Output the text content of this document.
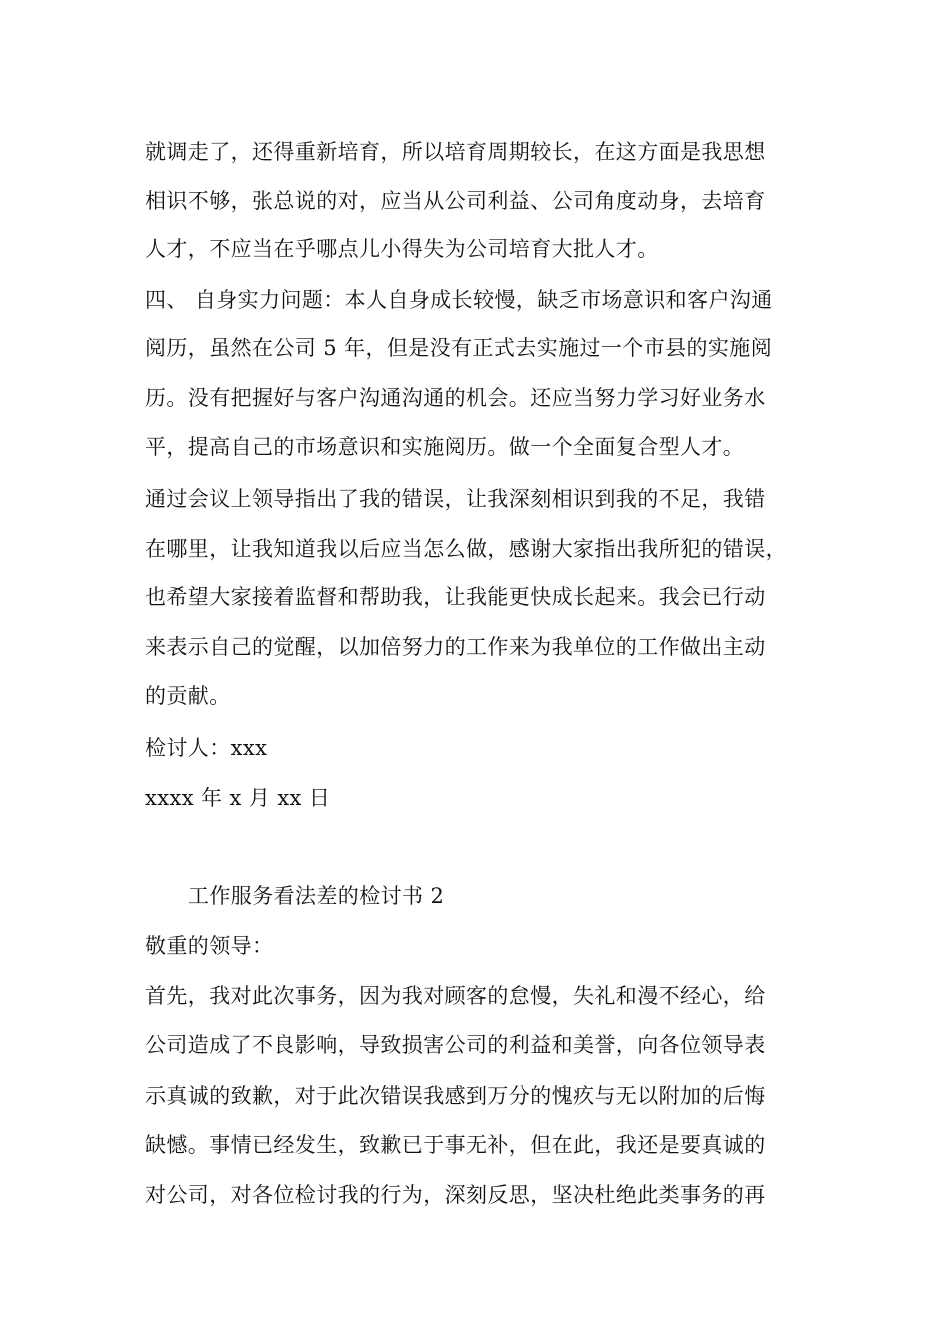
就调走了，还得重新培育，所以培育周期较长，在这方面是我思想
相识不够，张总说的对，应当从公司利益、公司角度动身，去培育
人才，不应当在乎哪点儿小得失为公司培育大批人才。
四、 自身实力问题：本人自身成长较慢，缺乏市场意识和客户沟通
阅历，虽然在公司 5 年，但是没有正式去实施过一个市县的实施阅
历。没有把握好与客户沟通沟通的机会。还应当努力学习好业务水
平，提高自己的市场意识和实施阅历。做一个全面复合型人才。
通过会议上领导指出了我的错误，让我深刻相识到我的不足，我错
在哪里，让我知道我以后应当怎么做，感谢大家指出我所犯的错误，
也希望大家接着监督和帮助我，让我能更快成长起来。我会已行动
来表示自己的觉醒，以加倍努力的工作来为我单位的工作做出主动
的贡献。
检讨人：xxx
xxxx 年 x 月 xx 日
工作服务看法差的检讨书 2
敬重的领导：
首先，我对此次事务，因为我对顾客的怠慢，失礼和漫不经心，给
公司造成了不良影响，导致损害公司的利益和美誉，向各位领导表
示真诚的致歉，对于此次错误我感到万分的愧疚与无以附加的后悔
缺憾。事情已经发生，致歉已于事无补，但在此，我还是要真诚的
对公司，对各位检讨我的行为，深刻反思，坚决杜绝此类事务的再
